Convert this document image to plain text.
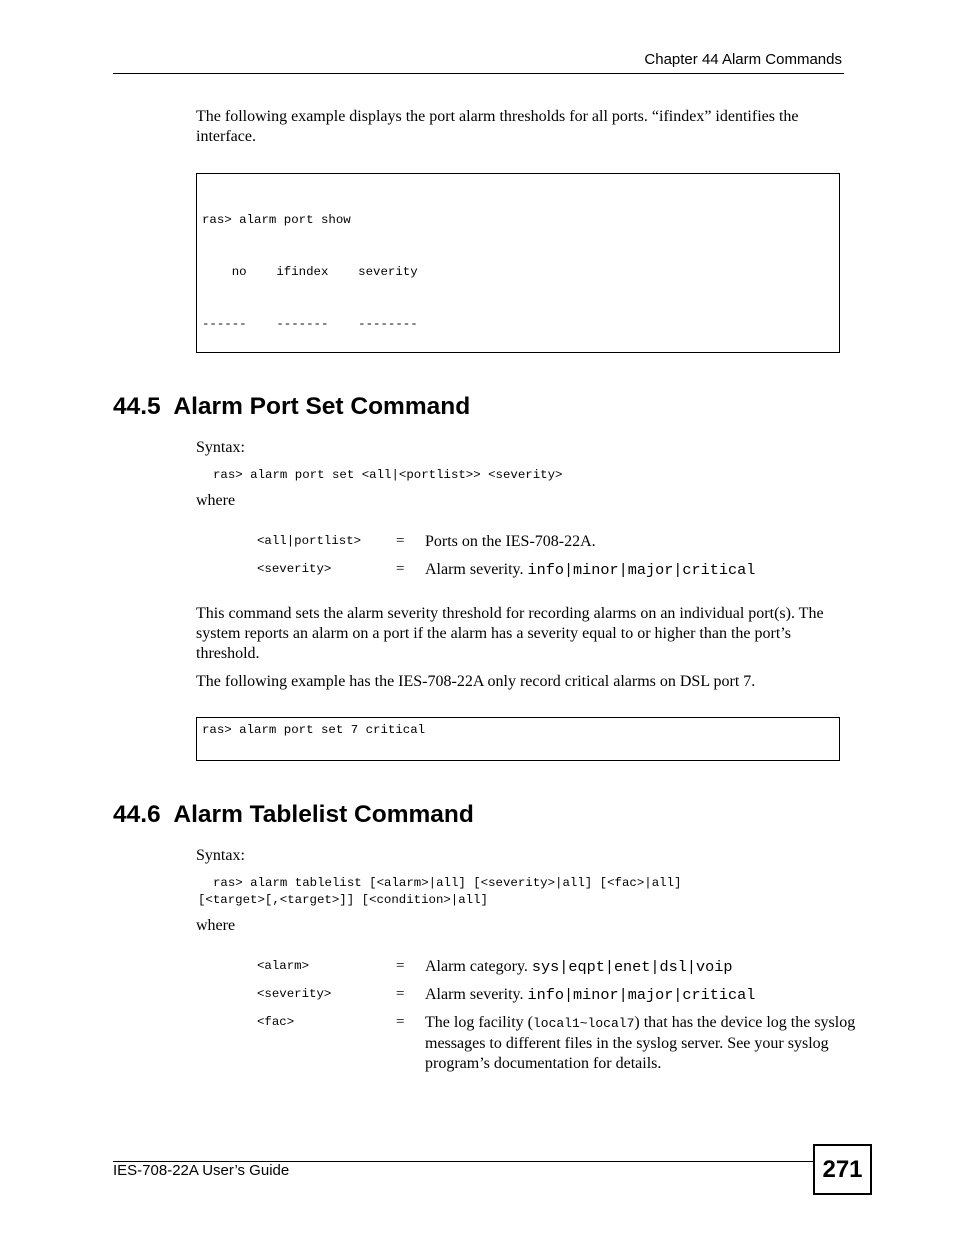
Chapter 44 Alarm Commands
The following example displays the port alarm thresholds for all ports. “ifindex” identifies the interface.

ras> alarm port show

no    ifindex    severity

------    -------    --------

44.5 Alarm Port Set Command
Syntax:
ras> alarm port set <all|<portlist>> <severity>
where
<all|portlist> = Ports on the IES-708-22A.
<severity>	= Alarm severity. info|minor|major|critical
This command sets the alarm severity threshold for recording alarms on an individual port(s). The system reports an alarm on a port if the alarm has a severity equal to or higher than the port’s threshold.
The following example has the IES-708-22A only record critical alarms on DSL port 7.
ras> alarm port set 7 critical
44.6 Alarm Tablelist Command
Syntax:
ras> alarm tablelist [<alarm>|all] [<severity>|all] [<fac>|all]
[<target>[,<target>]] [<condition>|all]
where
<alarm>	= Alarm category. sys|eqpt|enet|dsl|voip
<severity>	= Alarm severity. info|minor|major|critical
<fac>	= The log facility (local1~local7) that has the device log the syslog messages to different files in the syslog server. See your syslog program’s documentation for details.
IES-708-22A User’s Guide	271
